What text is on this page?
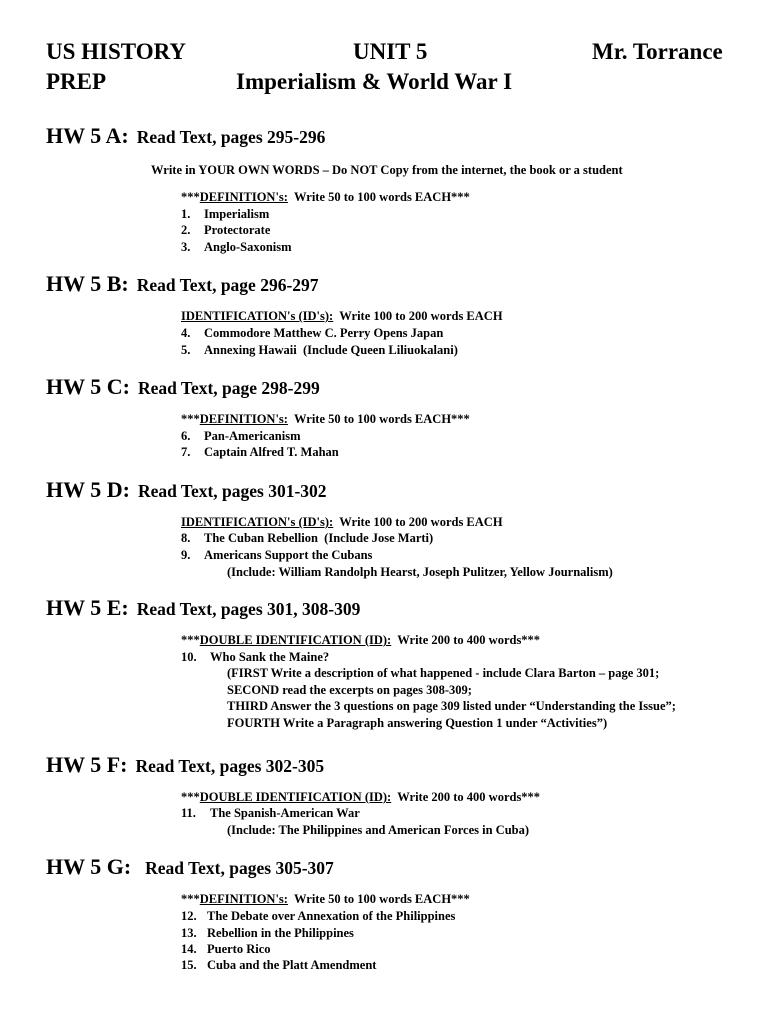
US HISTORY
PREP
UNIT 5
Imperialism & World War I
Mr. Torrance
HW 5 A: Read Text, pages 295-296
Write in YOUR OWN WORDS – Do NOT Copy from the internet, the book or a student
***DEFINITION's: Write 50 to 100 words EACH***
1. Imperialism
2. Protectorate
3. Anglo-Saxonism
HW 5 B: Read Text, page 296-297
IDENTIFICATION's (ID's): Write 100 to 200 words EACH
4. Commodore Matthew C. Perry Opens Japan
5. Annexing Hawaii  (Include Queen Liliuokalani)
HW 5 C: Read Text, page 298-299
***DEFINITION's: Write 50 to 100 words EACH***
6. Pan-Americanism
7. Captain Alfred T. Mahan
HW 5 D: Read Text, pages 301-302
IDENTIFICATION's (ID's): Write 100 to 200 words EACH
8. The Cuban Rebellion  (Include Jose Marti)
9. Americans Support the Cubans
(Include: William Randolph Hearst, Joseph Pulitzer, Yellow Journalism)
HW 5 E: Read Text, pages 301, 308-309
***DOUBLE IDENTIFICATION (ID): Write 200 to 400 words***
10. Who Sank the Maine?
(FIRST Write a description of what happened - include Clara Barton – page 301;
SECOND read the excerpts on pages 308-309;
THIRD Answer the 3 questions on page 309 listed under “Understanding the Issue”;
FOURTH Write a Paragraph answering Question 1 under “Activities”)
HW 5 F: Read Text, pages 302-305
***DOUBLE IDENTIFICATION (ID): Write 200 to 400 words***
11. The Spanish-American War
(Include: The Philippines and American Forces in Cuba)
HW 5 G: Read Text, pages 305-307
***DEFINITION's: Write 50 to 100 words EACH***
12. The Debate over Annexation of the Philippines
13. Rebellion in the Philippines
14. Puerto Rico
15. Cuba and the Platt Amendment
